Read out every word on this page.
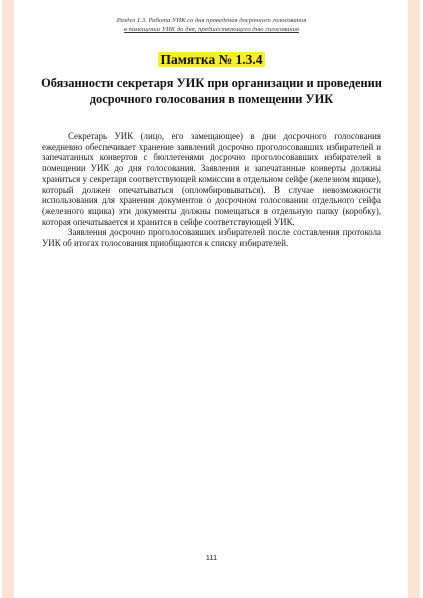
Раздел 1.3. Работа УИК со дня проведения досрочного голосования
в помещении УИК до дня, предшествующего дню голосования
Памятка № 1.3.4
Обязанности секретаря УИК при организации и проведении досрочного голосования в помещении УИК

Секретарь УИК (лицо, его замещающее) в дни досрочного голосования ежедневно обеспечивает хранение заявлений досрочно проголосовавших избирателей и запечатанных конвертов с бюллетенями досрочно проголосовавших избирателей в помещении УИК до дня голосования. Заявления и запечатанные конверты должны храниться у секретаря соответствующей комиссии в отдельном сейфе (железном ящике), который должен опечатываться (опломбировываться). В случае невозможности использования для хранения документов о досрочном голосовании отдельного сейфа (железного ящика) эти документы должны помещаться в отдельную папку (коробку), которая опечатывается и хранится в сейфе соответствующей УИК.

Заявления досрочно проголосовавших избирателей после составления протокола УИК об итогах голосования приобщаются к списку избирателей.

111
